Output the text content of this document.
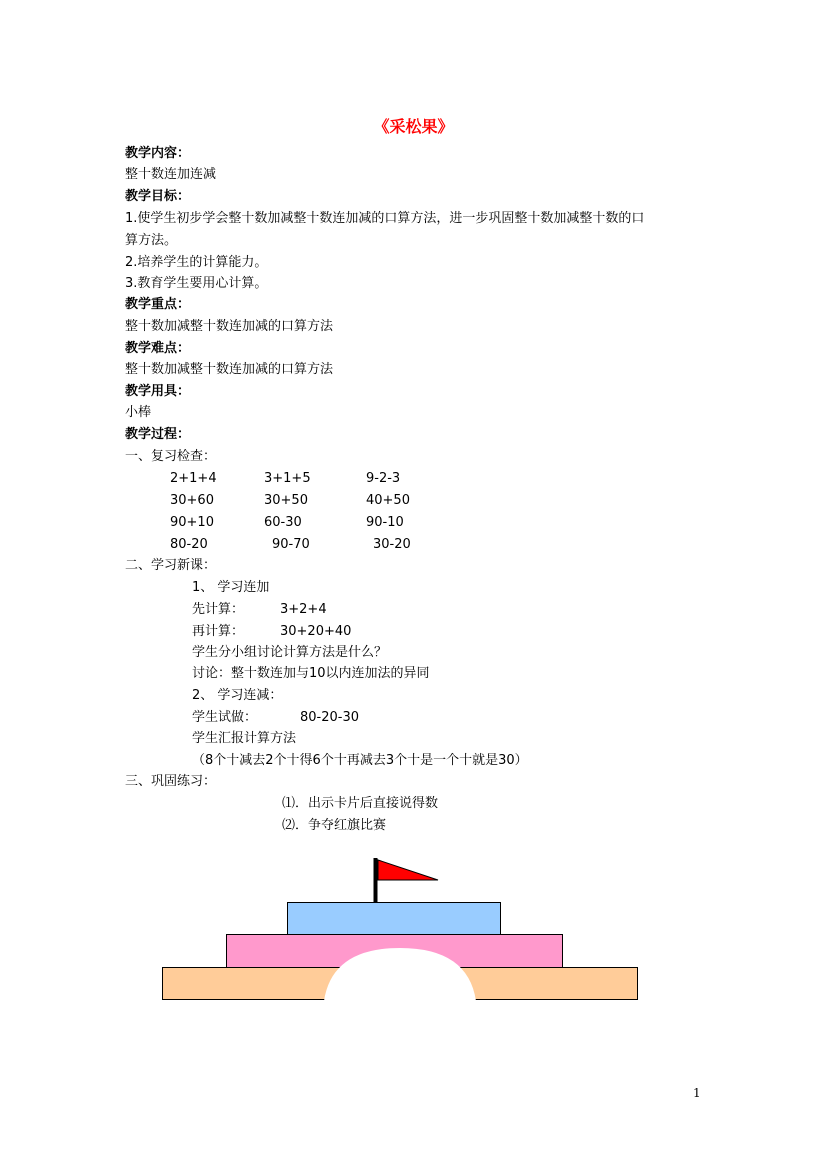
《采松果》
教学内容：
整十数连加连减
教学目标：
1.使学生初步学会整十数加减整十数连加减的口算方法，进一步巩固整十数加减整十数的口
算方法。
2.培养学生的计算能力。
3.教育学生要用心计算。
教学重点：
整十数加减整十数连加减的口算方法
教学难点：
整十数加减整十数连加减的口算方法
教学用具：
小棒
教学过程：
一、复习检查：
2+1+4	3+1+5	9-2-3
30+60	30+50	40+50
90+10	60-30	90-10
80-20	90-70	30-20
二、学习新课：
1、 学习连加
先计算：	3+2+4
再计算：	30+20+40
学生分小组讨论计算方法是什么？
讨论：整十数连加与10以内连加法的异同
2、 学习连减：
学生试做：	80-20-30
学生汇报计算方法
（8个十减去2个十得6个十再减去3个十是一个十就是30）
三、巩固练习：
⑴．出示卡片后直接说得数
⑵．争夺红旗比赛
1
